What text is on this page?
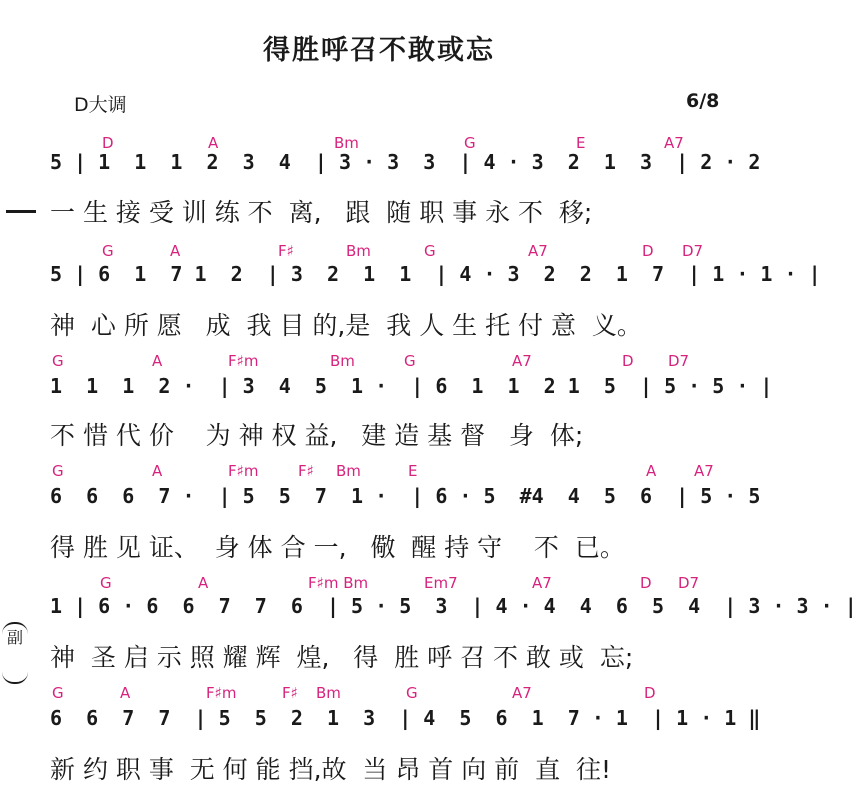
得胜呼召不敢或忘
D大调	6/8
副
D	A	Bm	G	E	A7
5 | 1  1  1  2  3  4  | 3 · 3  3  | 4 · 3  2  1  3  | 2 · 2
一 生 接 受 训 练 不  离,   跟  随 职 事 永 不  移;
G	A	F♯	Bm	G	A7	D D7
5 | 6  1  7 1  2  | 3  2  1  1  | 4 · 3  2  2  1  7  | 1 · 1 · |
神  心 所 愿   成  我 目 的,是  我 人 生 托 付 意  义。
G	A	F♯m	Bm	G	A7	D D7
1  1  1  2 ·  | 3  4  5  1 ·  | 6  1  1  2 1  5  | 5 · 5 · |
不 惜 代 价    为 神 权 益,   建 造 基 督   身  体;
G	A	F♯m	F♯ Bm	E	A	A7
6  6  6  7 ·  | 5  5  7  1 ·  | 6 · 5  #4  4  5  6  | 5 · 5
得 胜 见 证、  身 体 合 一,   儆  醒 持 守    不  已。
G	A	F♯m Bm	Em7	A7	D D7
1 | 6 · 6  6  7  7  6  | 5 · 5  3  | 4 · 4  4  6  5  4  | 3 · 3 · |
神  圣 启 示 照 耀 辉  煌,   得  胜 呼 召 不 敢 或  忘;
G	A	F♯m	F♯ Bm	G	A7	D
6  6  7  7  | 5  5  2  1  3  | 4  5  6  1  7 · 1  | 1 · 1 ‖
新 约 职 事  无 何 能 挡,故  当 昂 首 向 前  直  往!
